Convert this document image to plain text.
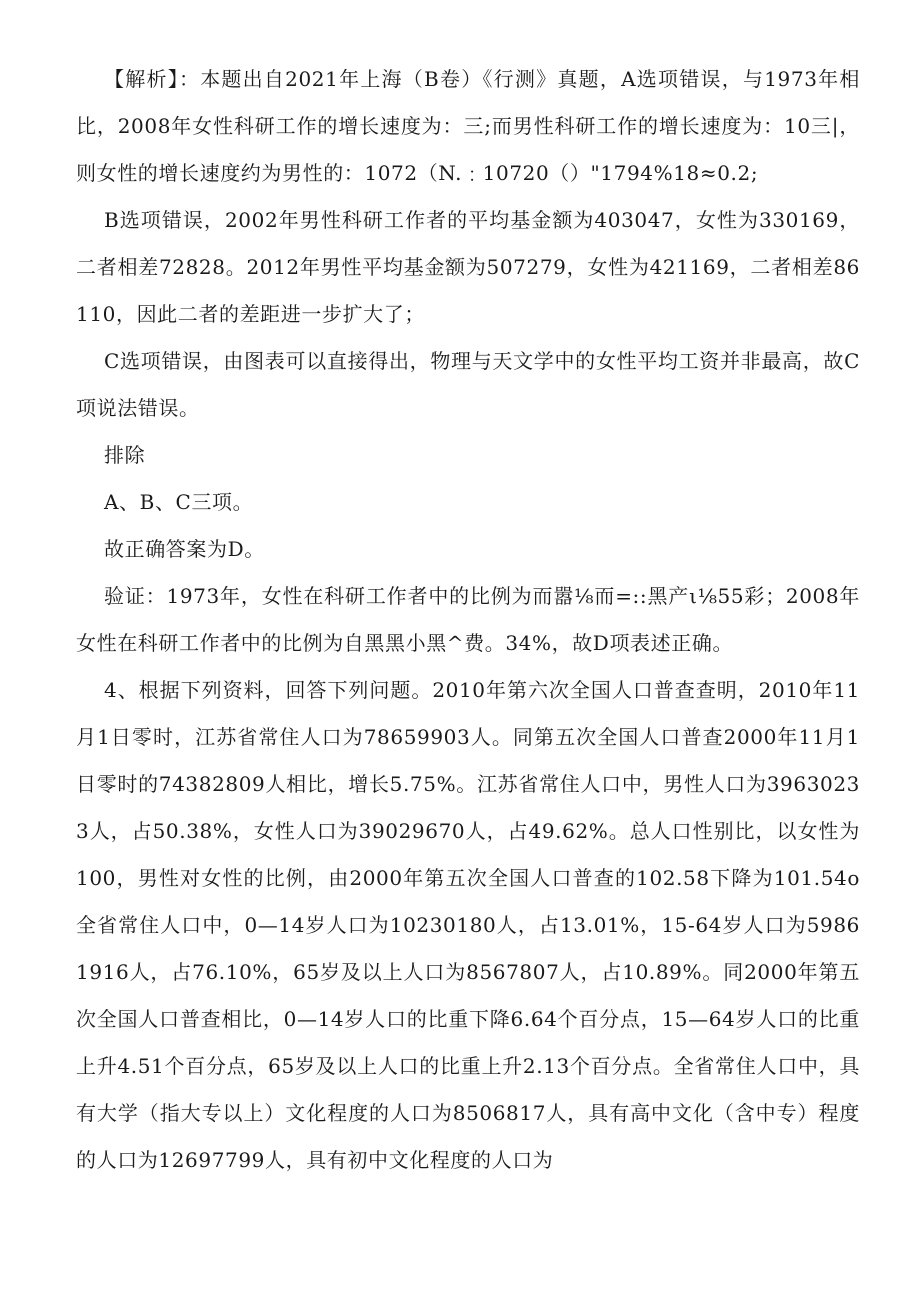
【解析】：本题出自2021年上海（B卷）《行测》真题，A选项错误，与1973年相比，2008年女性科研工作的增长速度为：三;而男性科研工作的增长速度为：10三|，则女性的增长速度约为男性的：1072（N.﹕10720（）"1794%18≈0.2;

B选项错误，2002年男性科研工作者的平均基金额为403047，女性为330169，二者相差72828。2012年男性平均基金额为507279，女性为421169，二者相差86110，因此二者的差距进一步扩大了；

C选项错误，由图表可以直接得出，物理与天文学中的女性平均工资并非最高，故C项说法错误。

排除

A、B、C三项。

故正确答案为D。

验证：1973年，女性在科研工作者中的比例为而嚣⅛而=::黑产ι⅛55彩；2008年女性在科研工作者中的比例为自黑黑小黑^费。34%，故D项表述正确。

4、根据下列资料，回答下列问题。2010年第六次全国人口普查查明，2010年11月1日零时，江苏省常住人口为78659903人。同第五次全国人口普查2000年11月1日零时的74382809人相比，增长5.75%。江苏省常住人口中，男性人口为39630233人，占50.38%，女性人口为39029670人，占49.62%。总人口性别比，以女性为100，男性对女性的比例，由2000年第五次全国人口普查的102.58下降为101.54o全省常住人口中，0—14岁人口为10230180人，占13.01%，15-64岁人口为59861916人，占76.10%，65岁及以上人口为8567807人，占10.89%。同2000年第五次全国人口普查相比，0—14岁人口的比重下降6.64个百分点，15—64岁人口的比重上升4.51个百分点，65岁及以上人口的比重上升2.13个百分点。全省常住人口中，具有大学（指大专以上）文化程度的人口为8506817人，具有高中文化（含中专）程度的人口为12697799人，具有初中文化程度的人口为
